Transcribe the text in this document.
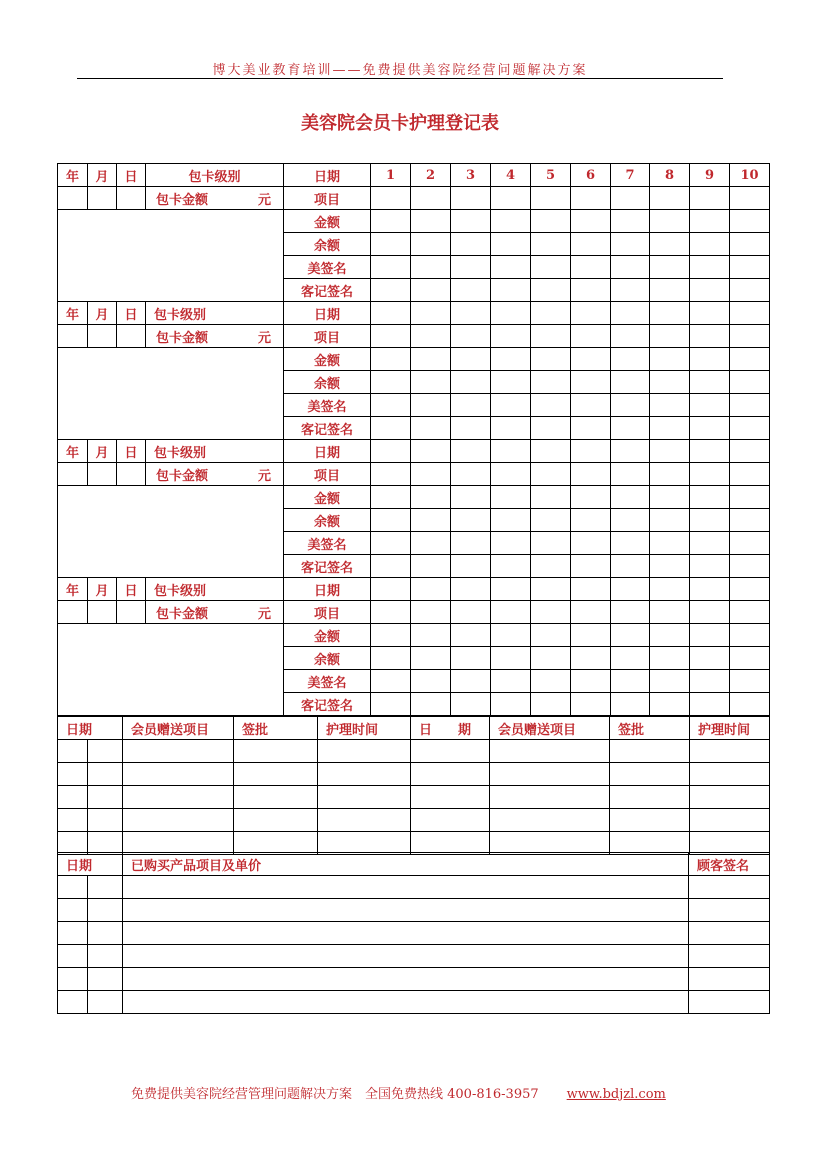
博大美业教育培训——免费提供美容院经营问题解决方案
美容院会员卡护理登记表
年	月	日	包卡级别	日期	1	2	3	4	5	6	7	8	9	10

			包卡金额 元	项目										
				金额										
				余额										
				美签名										
				客记签名										
年	月	日	包卡级别	日期										

			包卡金额 元	项目										
				金额										
				余额										
				美签名										
				客记签名										
年	月	日	包卡级别	日期										

			包卡金额 元	项目										
				金额										
				余额										
				美签名										
				客记签名										
年	月	日	包卡级别	日期										

			包卡金额 元	项目										
				金额										
				余额										
				美签名										
				客记签名										
日期		会员赠送项目	签批	护理时间	日　　期	会员赠送项目	签批	护理时间

日期		已购买产品项目及单价	顾客签名

免费提供美容院经营管理问题解决方案　全国免费热线 400-816-3957 www.bdjzl.com
